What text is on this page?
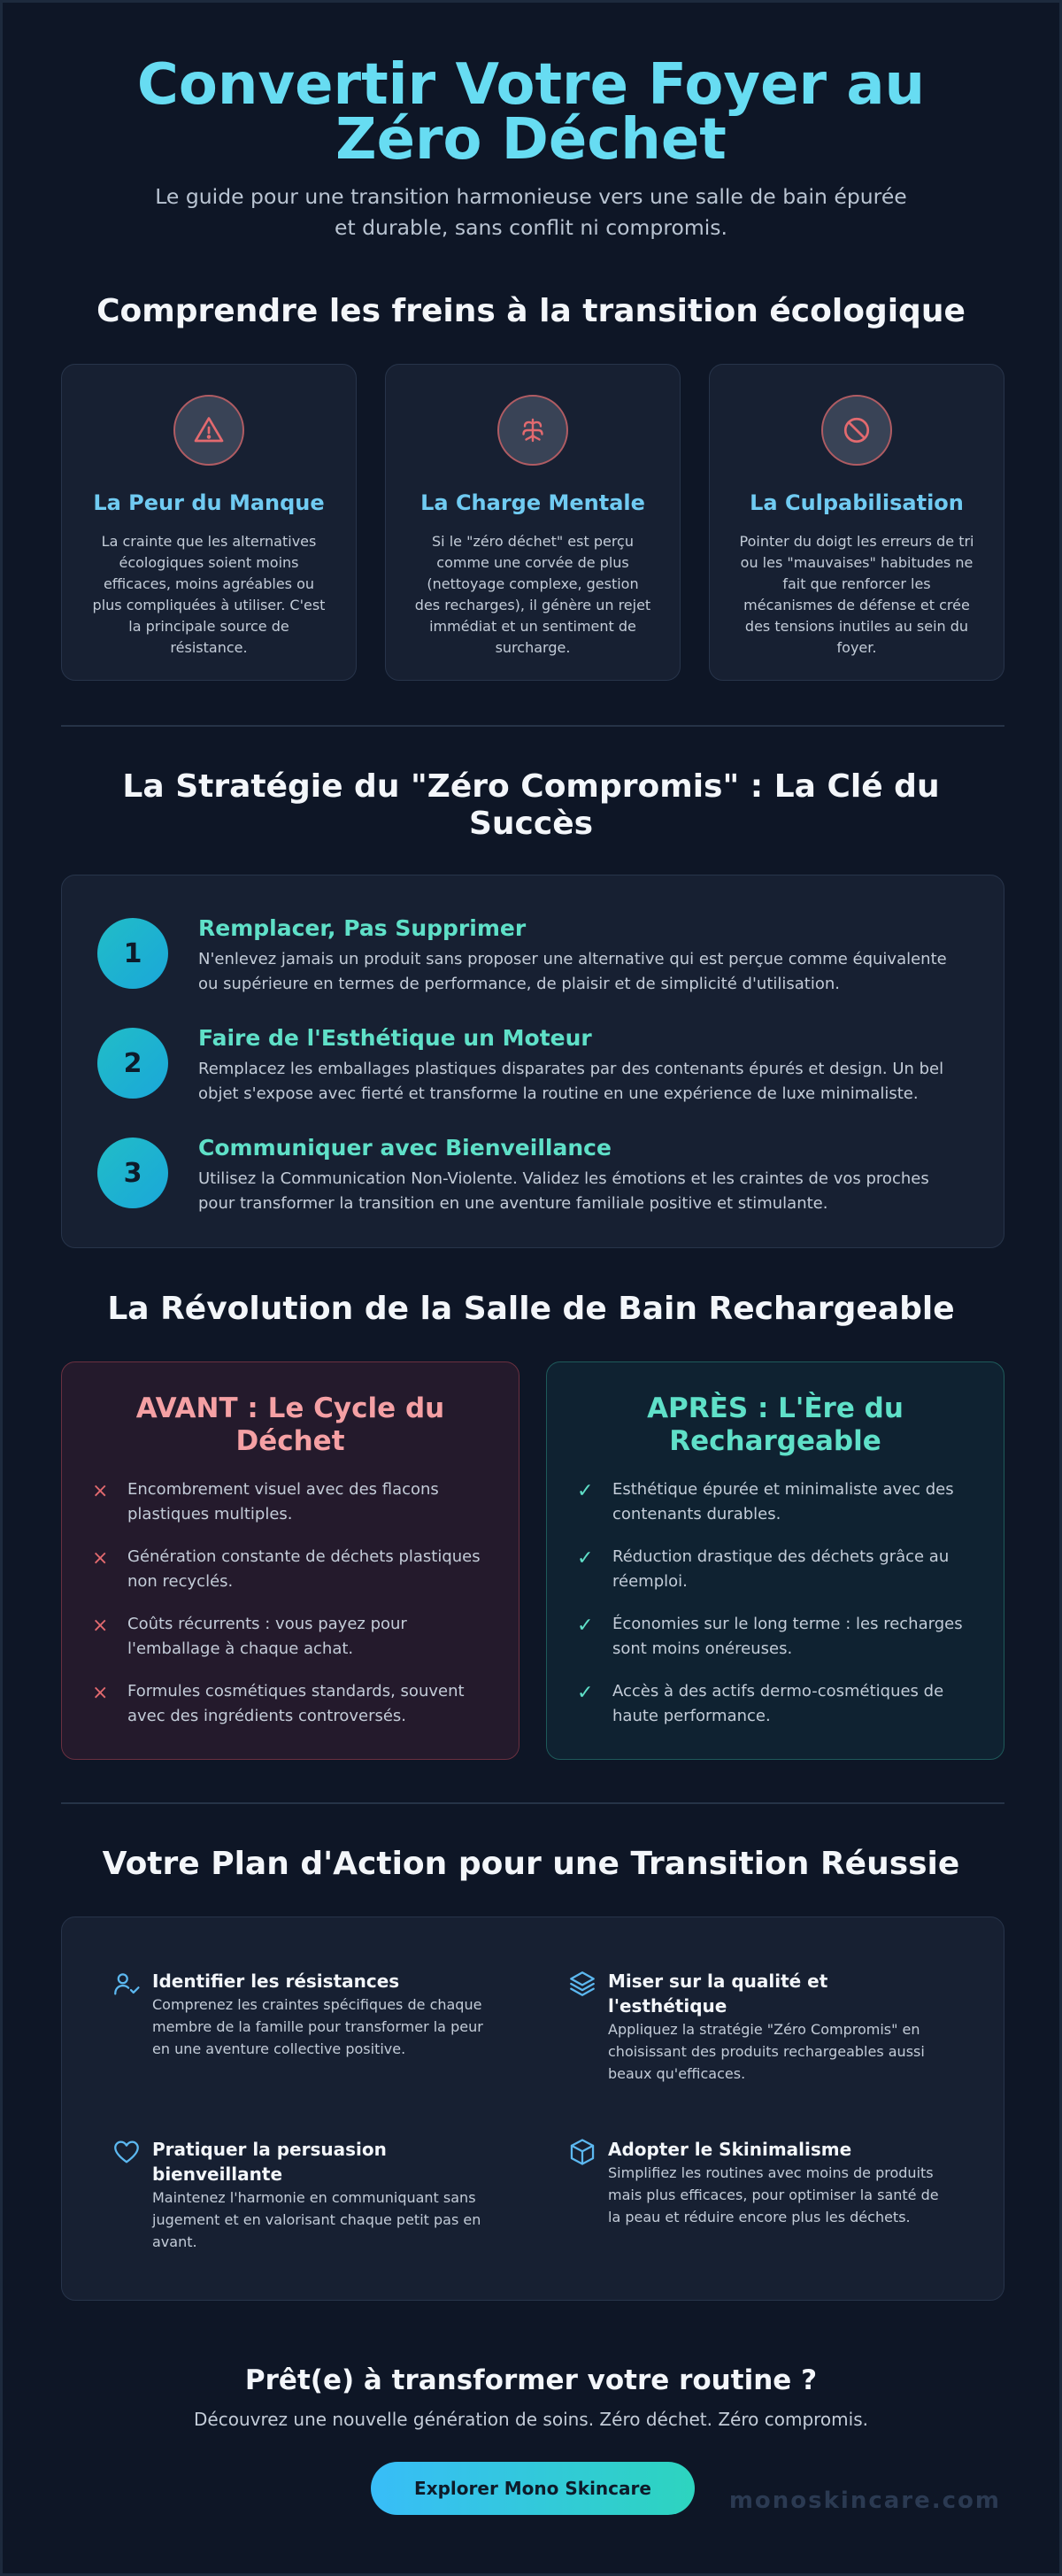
Convertir Votre Foyer au Zéro Déchet

Le guide pour une transition harmonieuse vers une salle de bain épurée et durable, sans conflit ni compromis.

Comprendre les freins à la transition écologique
La Peur du Manque

La crainte que les alternatives écologiques soient moins efficaces, moins agréables ou plus compliquées à utiliser. C'est la principale source de résistance.

La Charge Mentale

Si le "zéro déchet" est perçu comme une corvée de plus (nettoyage complexe, gestion des recharges), il génère un rejet immédiat et un sentiment de surcharge.

La Culpabilisation

Pointer du doigt les erreurs de tri ou les "mauvaises" habitudes ne fait que renforcer les mécanismes de défense et crée des tensions inutiles au sein du foyer.

La Stratégie du "Zéro Compromis" : La Clé du Succès
1
Remplacer, Pas Supprimer

N'enlevez jamais un produit sans proposer une alternative qui est perçue comme équivalente ou supérieure en termes de performance, de plaisir et de simplicité d'utilisation.

2
Faire de l'Esthétique un Moteur

Remplacez les emballages plastiques disparates par des contenants épurés et design. Un bel objet s'expose avec fierté et transforme la routine en une expérience de luxe minimaliste.

3
Communiquer avec Bienveillance

Utilisez la Communication Non-Violente. Validez les émotions et les craintes de vos proches pour transformer la transition en une aventure familiale positive et stimulante.

La Révolution de la Salle de Bain Rechargeable
AVANT : Le Cycle du Déchet
× Encombrement visuel avec des flacons plastiques multiples.
× Génération constante de déchets plastiques non recyclés.
× Coûts récurrents : vous payez pour l'emballage à chaque achat.
× Formules cosmétiques standards, souvent avec des ingrédients controversés.
APRÈS : L'Ère du Rechargeable
✓ Esthétique épurée et minimaliste avec des contenants durables.
✓ Réduction drastique des déchets grâce au réemploi.
✓ Économies sur le long terme : les recharges sont moins onéreuses.
✓ Accès à des actifs dermo-cosmétiques de haute performance.
Votre Plan d'Action pour une Transition Réussie
Identifier les résistances

Comprenez les craintes spécifiques de chaque membre de la famille pour transformer la peur en une aventure collective positive.

Miser sur la qualité et l'esthétique

Appliquez la stratégie "Zéro Compromis" en choisissant des produits rechargeables aussi beaux qu'efficaces.

Pratiquer la persuasion bienveillante

Maintenez l'harmonie en communiquant sans jugement et en valorisant chaque petit pas en avant.

Adopter le Skinimalisme

Simplifiez les routines avec moins de produits mais plus efficaces, pour optimiser la santé de la peau et réduire encore plus les déchets.

Prêt(e) à transformer votre routine ?

Découvrez une nouvelle génération de soins. Zéro déchet. Zéro compromis.

Explorer Mono Skincare	monoskincare.com
